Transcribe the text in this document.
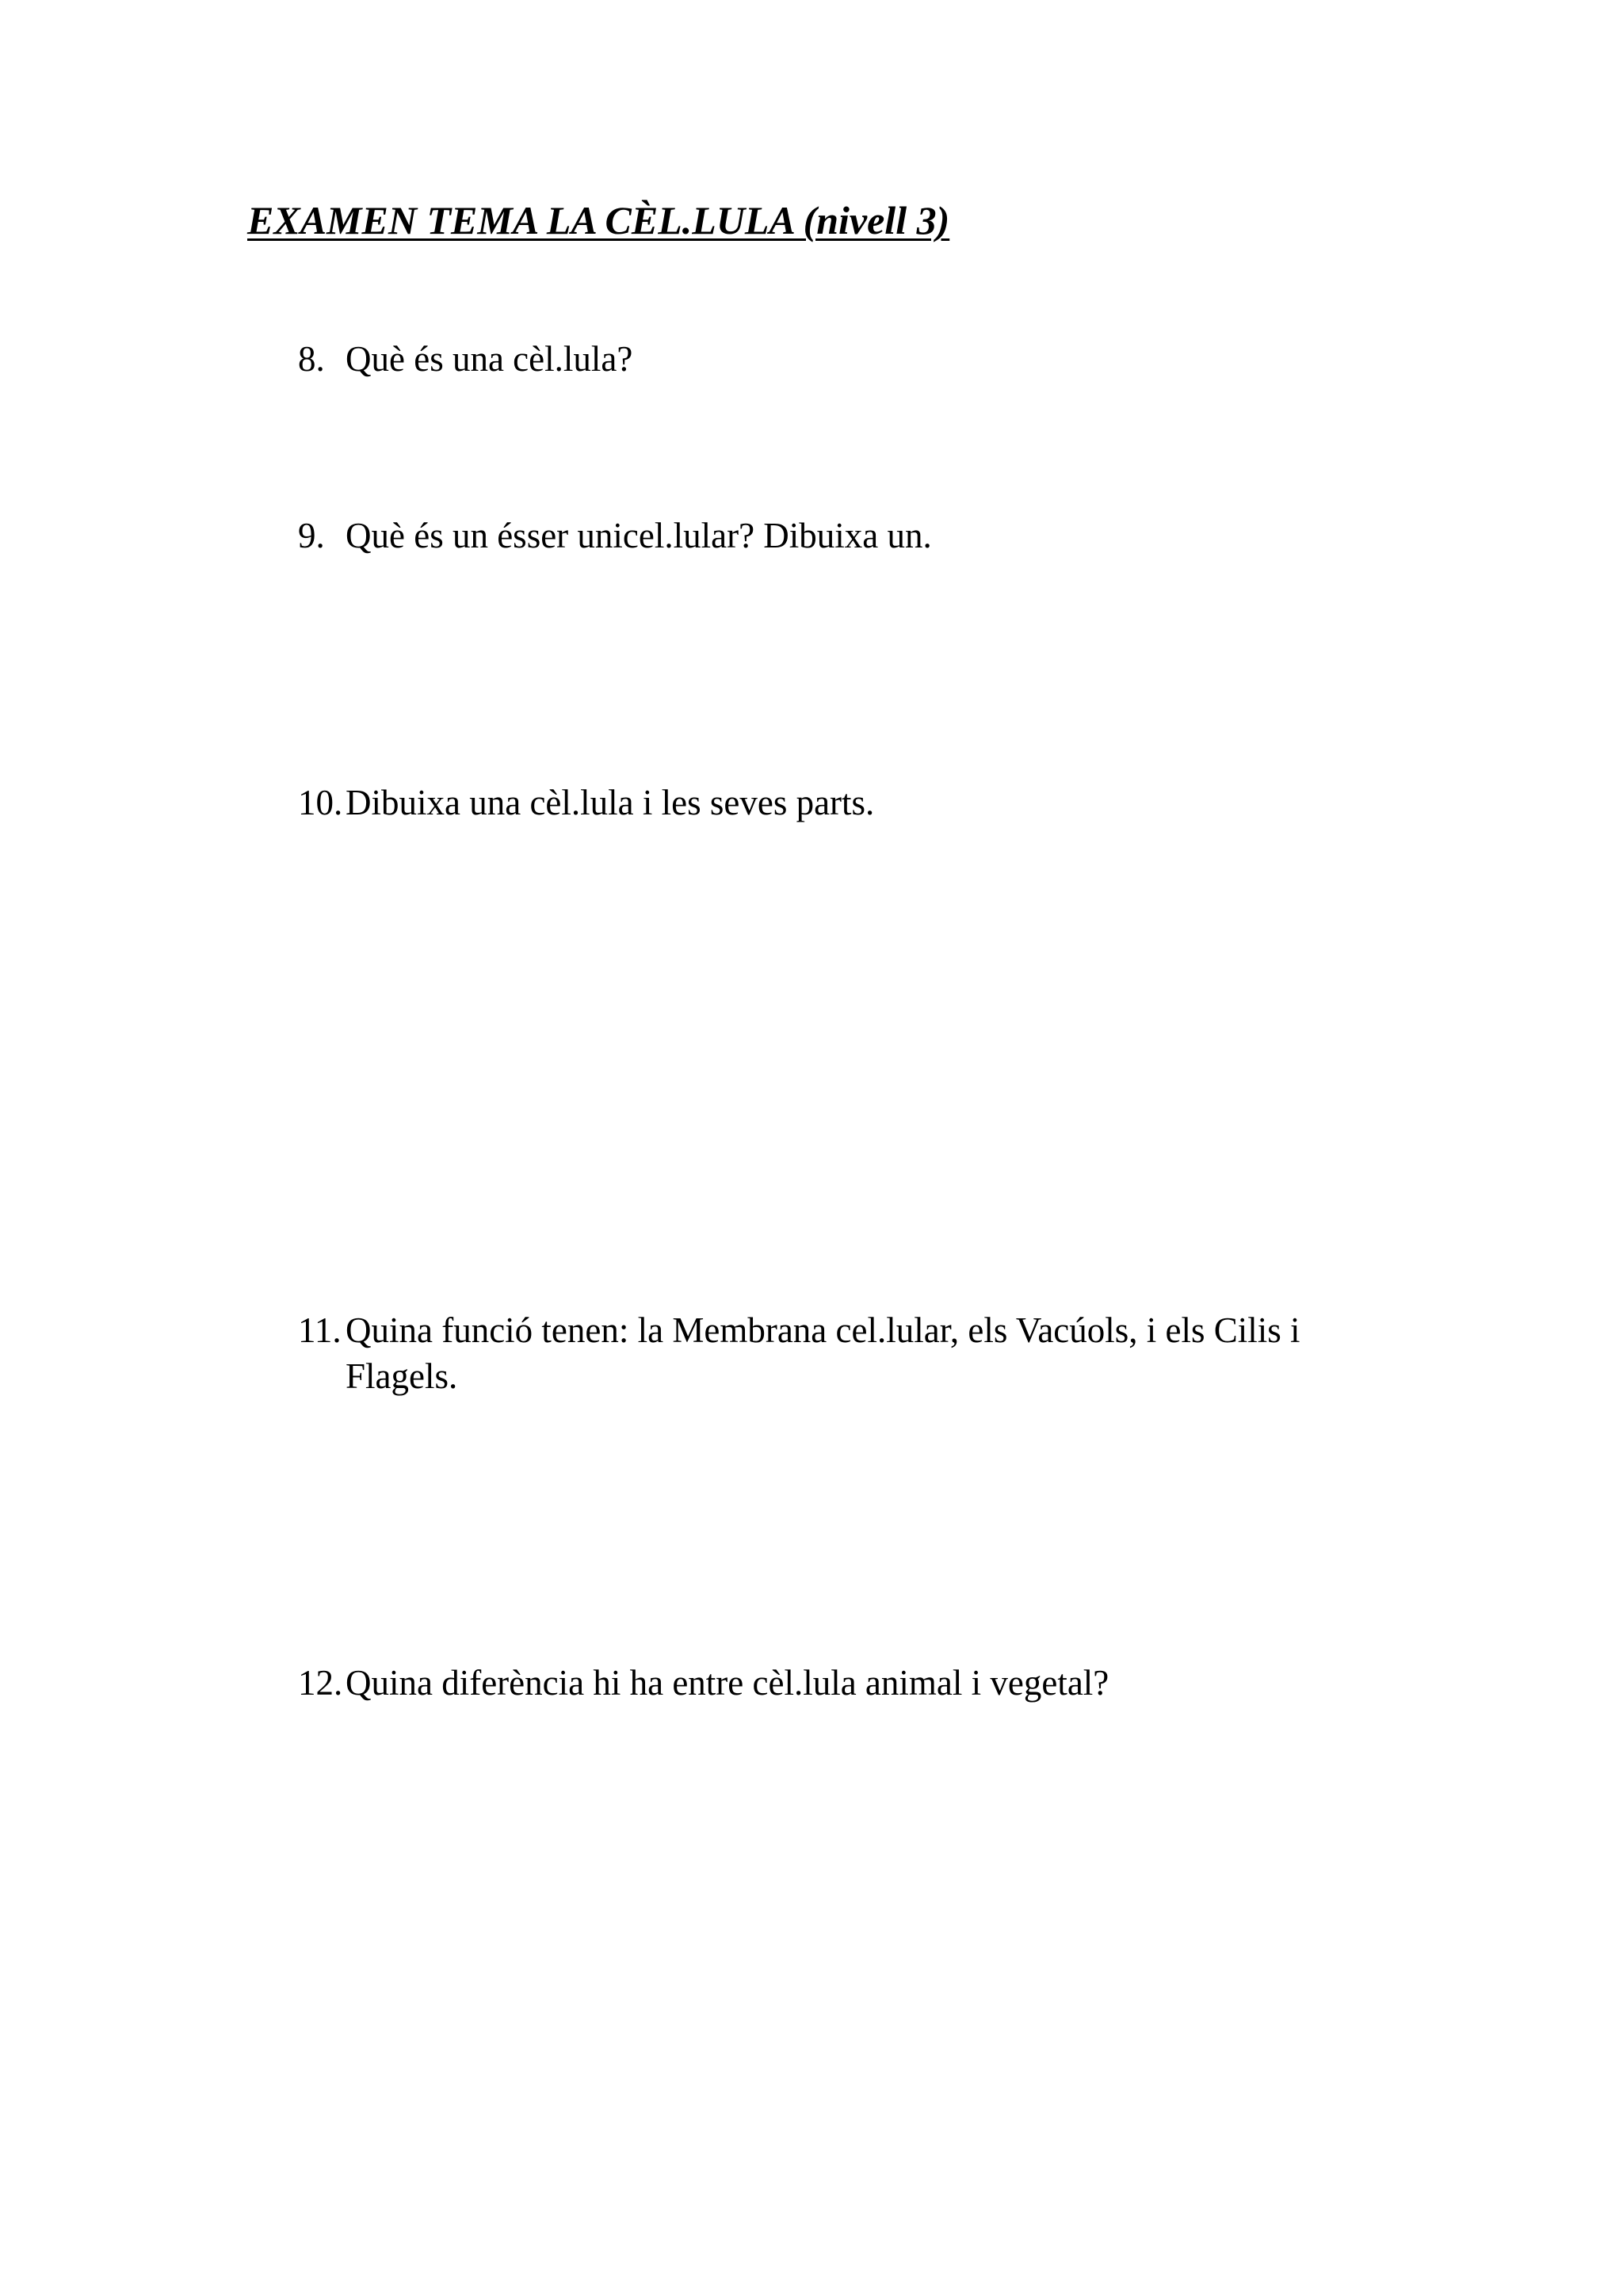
EXAMEN TEMA LA CÈL.LULA (nivell 3)
8. Què és una cèl.lula?
9. Què és un ésser unicel.lular? Dibuixa un.
10. Dibuixa una cèl.lula i les seves parts.
11. Quina funció tenen: la Membrana cel.lular, els Vacúols, i els Cilis i Flagels.
12. Quina diferència hi ha entre cèl.lula animal i vegetal?
